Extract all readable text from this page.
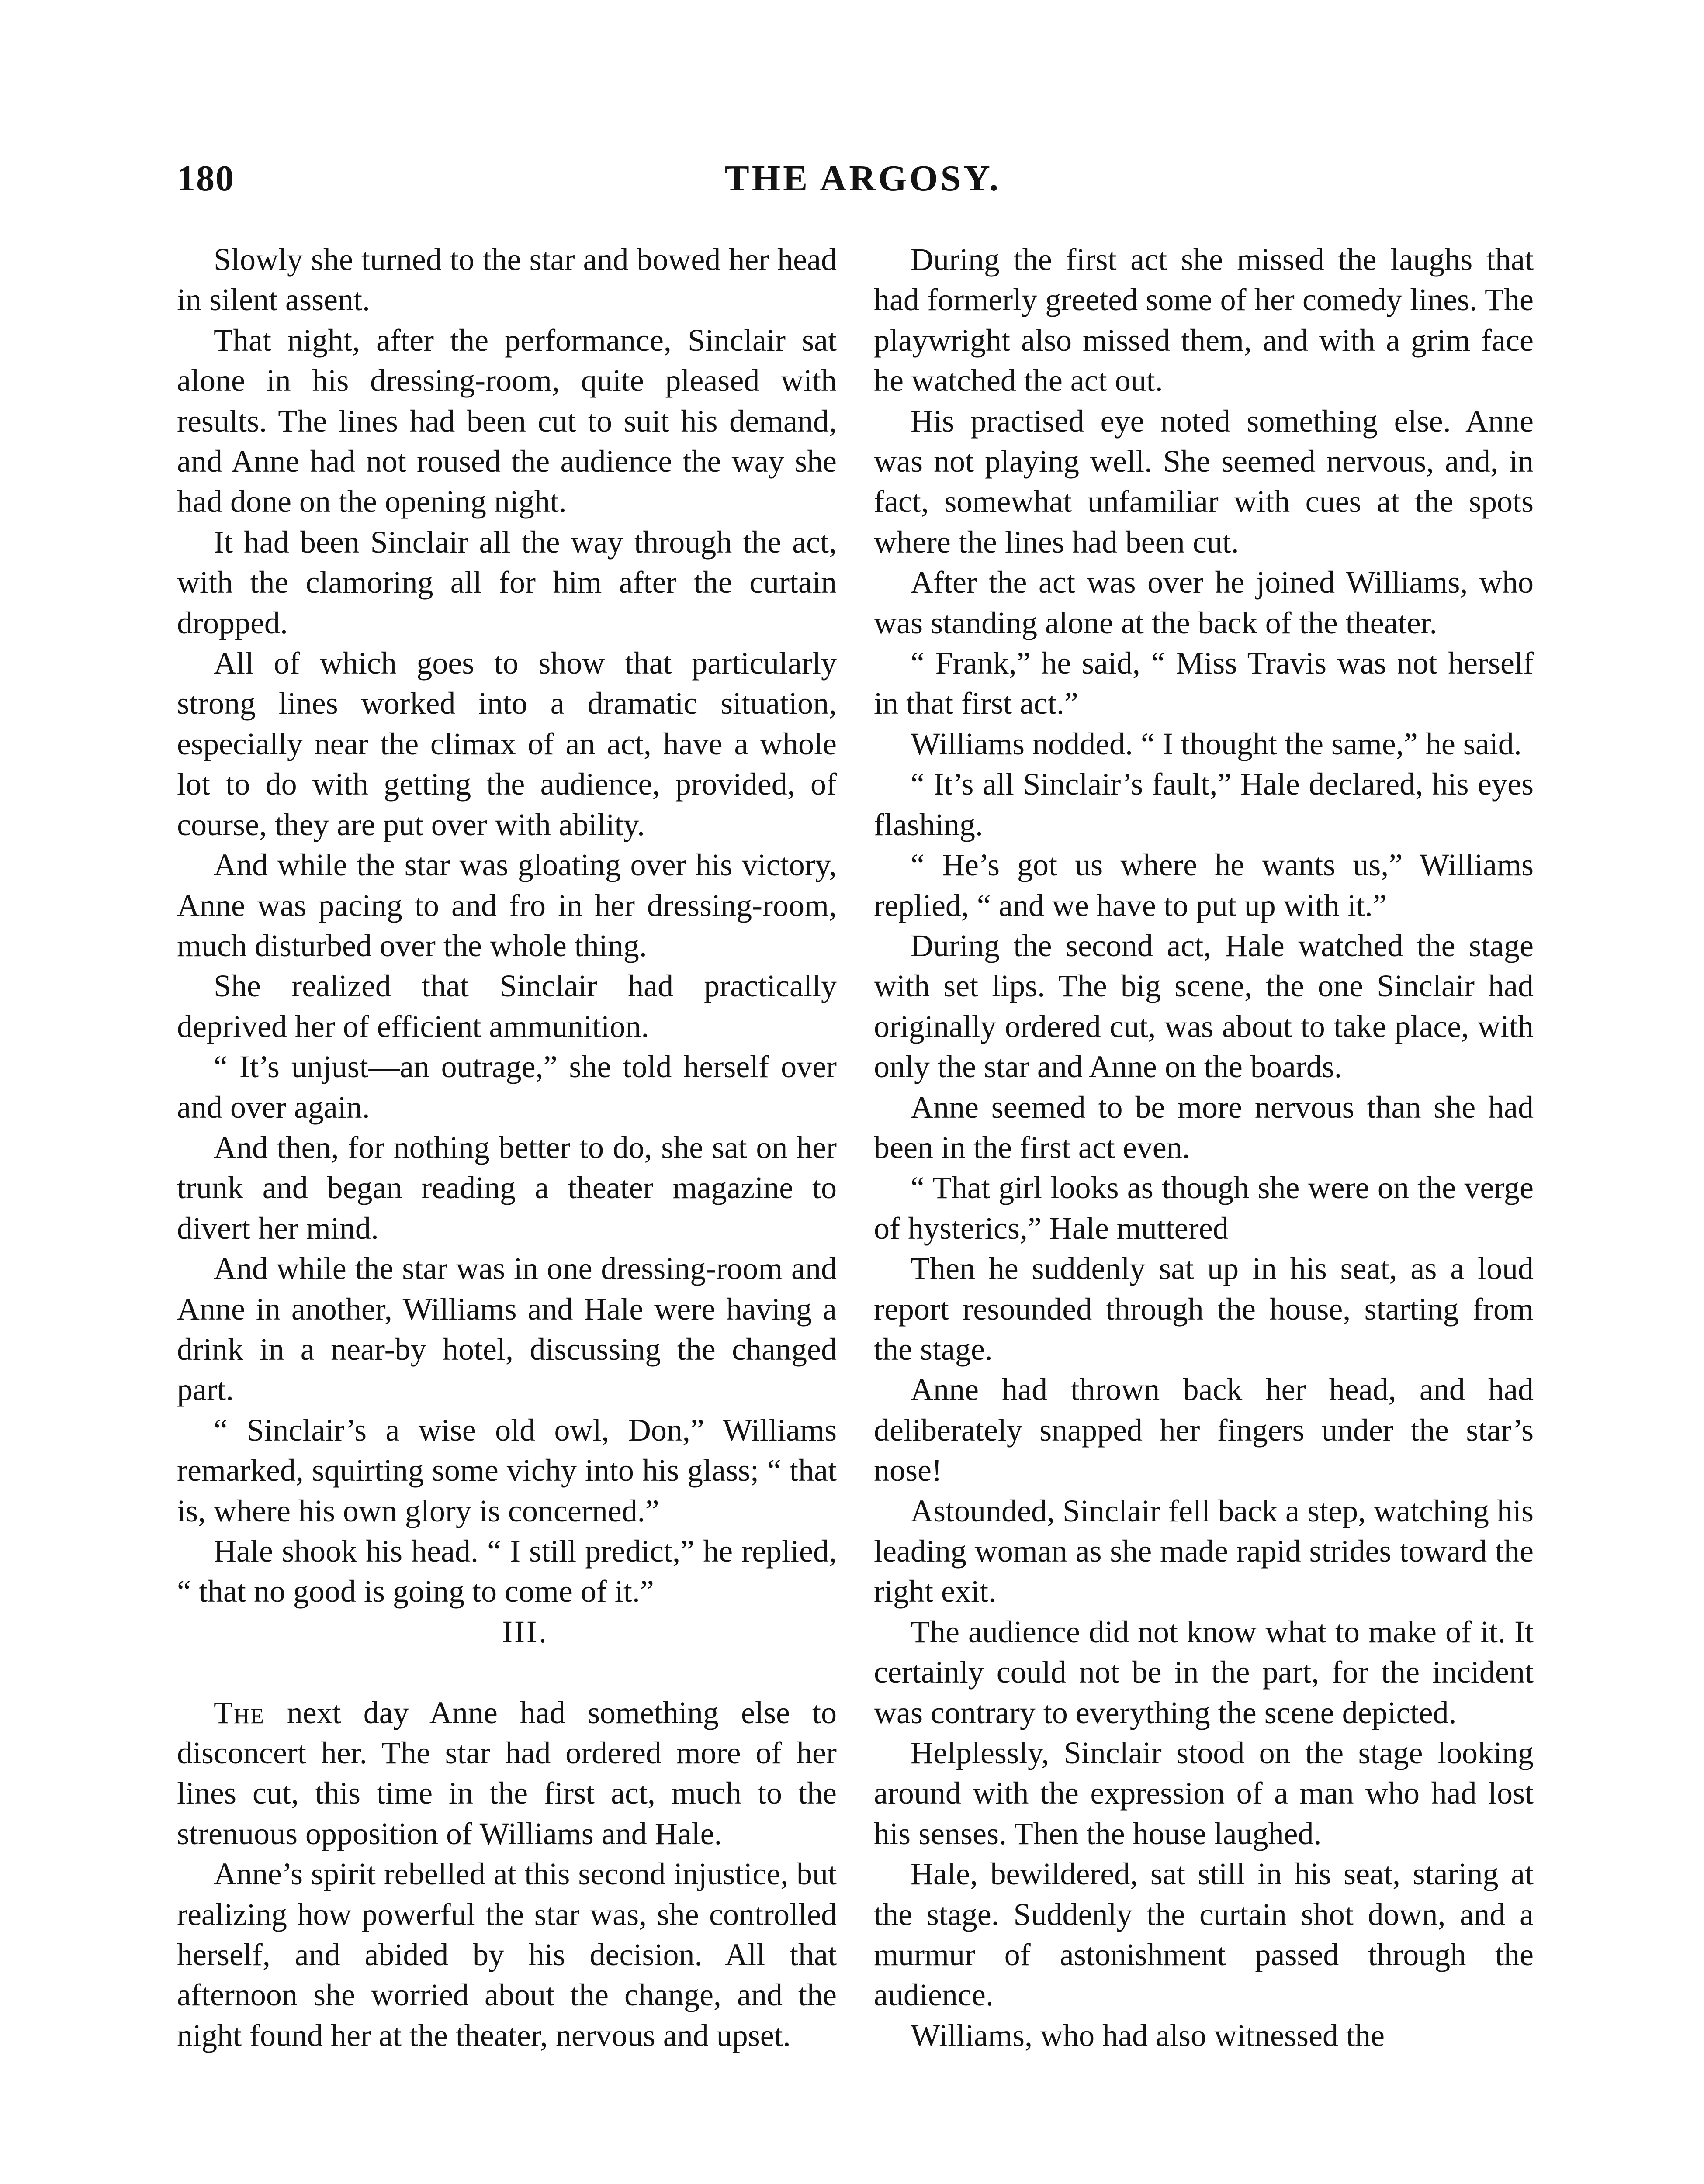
180	THE ARGOSY.

Slowly she turned to the star and bowed her head in silent assent.

That night, after the performance, Sinclair sat alone in his dressing-room, quite pleased with results. The lines had been cut to suit his demand, and Anne had not roused the audience the way she had done on the opening night.

It had been Sinclair all the way through the act, with the clamoring all for him after the curtain dropped.

All of which goes to show that particularly strong lines worked into a dramatic situation, especially near the climax of an act, have a whole lot to do with getting the audience, provided, of course, they are put over with ability.

And while the star was gloating over his victory, Anne was pacing to and fro in her dressing-room, much disturbed over the whole thing.

She realized that Sinclair had practically deprived her of efficient ammunition.

“ It’s unjust—an outrage,” she told herself over and over again.

And then, for nothing better to do, she sat on her trunk and began reading a theater magazine to divert her mind.

And while the star was in one dressing-room and Anne in another, Williams and Hale were having a drink in a near-by hotel, discussing the changed part.

“ Sinclair’s a wise old owl, Don,” Williams remarked, squirting some vichy into his glass; “ that is, where his own glory is concerned.”

Hale shook his head. “ I still predict,” he replied, “ that no good is going to come of it.”

III.

The next day Anne had something else to disconcert her. The star had ordered more of her lines cut, this time in the first act, much to the strenuous opposition of Williams and Hale.

Anne’s spirit rebelled at this second injustice, but realizing how powerful the star was, she controlled herself, and abided by his decision. All that afternoon she worried about the change, and the night found her at the theater, nervous and upset.

During the first act she missed the laughs that had formerly greeted some of her comedy lines. The playwright also missed them, and with a grim face he watched the act out.

His practised eye noted something else. Anne was not playing well. She seemed nervous, and, in fact, somewhat unfamiliar with cues at the spots where the lines had been cut.

After the act was over he joined Williams, who was standing alone at the back of the theater.

“ Frank,” he said, “ Miss Travis was not herself in that first act.”

Williams nodded. “ I thought the same,” he said.

“ It’s all Sinclair’s fault,” Hale declared, his eyes flashing.

“ He’s got us where he wants us,” Williams replied, “ and we have to put up with it.”

During the second act, Hale watched the stage with set lips. The big scene, the one Sinclair had originally ordered cut, was about to take place, with only the star and Anne on the boards.

Anne seemed to be more nervous than she had been in the first act even.

“ That girl looks as though she were on the verge of hysterics,” Hale muttered

Then he suddenly sat up in his seat, as a loud report resounded through the house, starting from the stage.

Anne had thrown back her head, and had deliberately snapped her fingers under the star’s nose!

Astounded, Sinclair fell back a step, watching his leading woman as she made rapid strides toward the right exit.

The audience did not know what to make of it. It certainly could not be in the part, for the incident was contrary to everything the scene depicted.

Helplessly, Sinclair stood on the stage looking around with the expression of a man who had lost his senses. Then the house laughed.

Hale, bewildered, sat still in his seat, staring at the stage. Suddenly the curtain shot down, and a murmur of astonishment passed through the audience.

Williams, who had also witnessed the
